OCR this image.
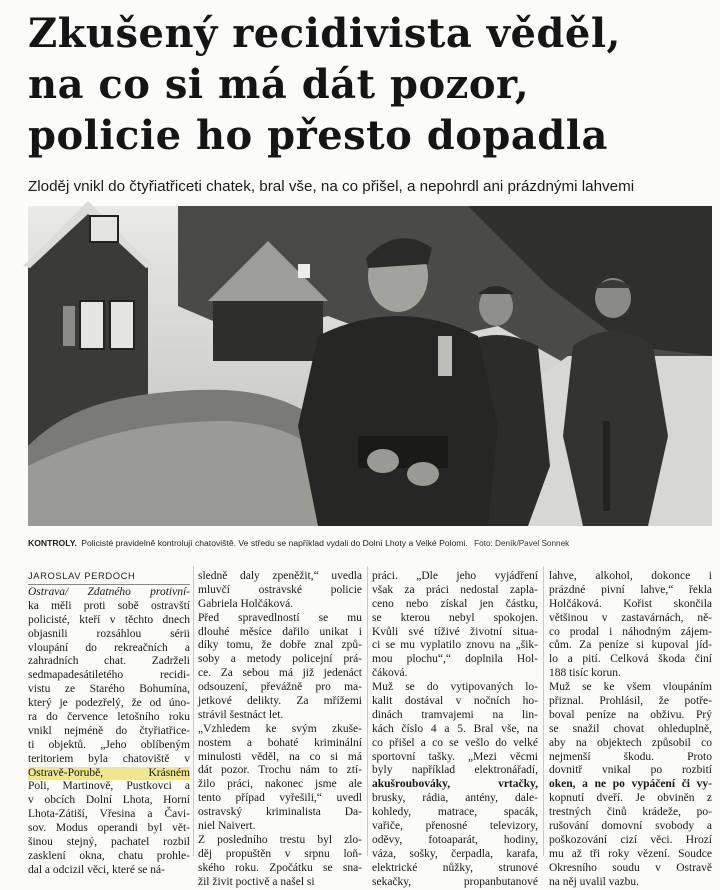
Zkušený recidivista věděl,
na co si má dát pozor,
policie ho přesto dopadla
Zloděj vnikl do čtyřiatřiceti chatek, bral vše, na co přišel, a nepohrdl ani prázdnými lahvemi
KONTROLY. Policisté pravidelně kontrolují chatoviště. Ve středu se například vydali do Dolní Lhoty a Velké Polomi. Foto: Deník/Pavel Sonnek
JAROSLAV PERDOCH
Ostrava/ Zdatného protivní-
ka měli proti sobě ostravští
policisté, kteří v těchto dnech
objasnili rozsáhlou sérii
vloupání do rekreačních a
zahradních chat. Zadrželi
sedmapadesátiletého recidi-
vistu ze Starého Bohumína,
který je podezřelý, že od úno-
ra do července letošního roku
vnikl nejméně do čtyřiatřice-
ti objektů. „Jeho oblíbeným
teritoriem byla chatoviště v
Ostravě-Porubě, Krásném
Poli, Martinově, Pustkovci a
v obcích Dolní Lhota, Horní
Lhota-Zátiší, Vřesina a Čavi-
sov. Modus operandi byl vět-
šinou stejný, pachatel rozbil
zasklení okna, chatu prohle-
dal a odcizil věci, které se ná-
sledně daly zpeněžit,“ uvedla
mluvčí ostravské policie
Gabriela Holčáková.
Před spravedlností se mu
dlouhé měsíce dařilo unikat i
díky tomu, že dobře znal způ-
soby a metody policejní prá-
ce. Za sebou má již jedenáct
odsouzení, převážně pro ma-
jetkové delikty. Za mřížemi
strávil šestnáct let.
„Vzhledem ke svým zkuše-
nostem a bohaté kriminální
minulosti věděl, na co si má
dát pozor. Trochu nám to ztí-
žilo práci, nakonec jsme ale
tento případ vyřešili,“ uvedl
ostravský kriminalista Da-
niel Naivert.
Z posledního trestu byl zlo-
děj propuštěn v srpnu loň-
ského roku. Zpočátku se sna-
žil živit poctivě a našel si
práci. „Dle jeho vyjádření
však za práci nedostal zapla-
ceno nebo získal jen částku,
se kterou nebyl spokojen.
Kvůli své tíživé životní situa-
ci se mu vyplatilo znovu na „šik-
mou plochu“,“ doplnila Hol-
čáková.
Muž se do vytipovaných lo-
kalit dostával v nočních ho-
dinách tramvajemi na lin-
kách číslo 4 a 5. Bral vše, na
co přišel a co se vešlo do velké
sportovní tašky. „Mezi věcmi
byly například elektronářadí,
akušroubováky, vrtačky,
brusky, rádia, antény, dale-
kohledy, matrace, spacák,
vařiče, přenosné televizory,
oděvy, fotoaparát, hodiny,
váza, sošky, čerpadla, karafa,
elektrické nůžky, strunové
sekačky, propanbutanové
lahve, alkohol, dokonce i
prázdné pivní lahve,“ řekla
Holčáková. Kořist skončila
většinou v zastavárnách, ně-
co prodal i náhodným zájem-
cům. Za peníze si kupoval jíd-
lo a pití. Celková škoda činí
188 tisíc korun.
Muž se ke všem vloupáním
přiznal. Prohlásil, že potře-
boval peníze na obživu. Prý
se snažil chovat ohleduplně,
aby na objektech způsobil co
nejmenší škodu. Proto
dovnitř vnikal po rozbití
oken, a ne po vypáčení či vy-
kopnutí dveří. Je obviněn z
trestných činů krádeže, po-
rušování domovní svobody a
poškozování cizí věci. Hrozí
mu až tři roky vězení. Soudce
Okresního soudu v Ostravě
na něj uvalil vazbu.
